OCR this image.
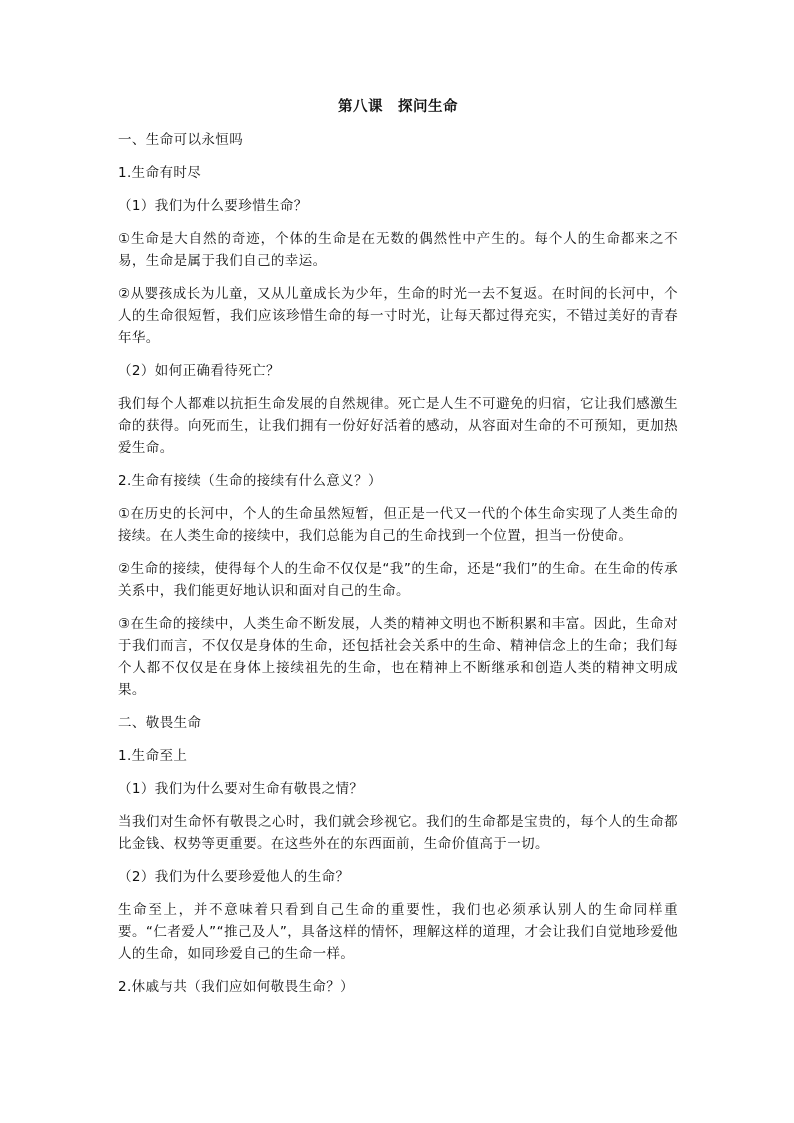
第八课　探问生命
一、生命可以永恒吗
1.生命有时尽
（1）我们为什么要珍惜生命？
①生命是大自然的奇迹，个体的生命是在无数的偶然性中产生的。每个人的生命都来之不易，生命是属于我们自己的幸运。
②从婴孩成长为儿童，又从儿童成长为少年，生命的时光一去不复返。在时间的长河中，个人的生命很短暂，我们应该珍惜生命的每一寸时光，让每天都过得充实，不错过美好的青春年华。
（2）如何正确看待死亡？
我们每个人都难以抗拒生命发展的自然规律。死亡是人生不可避免的归宿，它让我们感激生命的获得。向死而生，让我们拥有一份好好活着的感动，从容面对生命的不可预知，更加热爱生命。
2.生命有接续（生命的接续有什么意义？）
①在历史的长河中，个人的生命虽然短暂，但正是一代又一代的个体生命实现了人类生命的接续。在人类生命的接续中，我们总能为自己的生命找到一个位置，担当一份使命。
②生命的接续，使得每个人的生命不仅仅是“我”的生命，还是“我们”的生命。在生命的传承关系中，我们能更好地认识和面对自己的生命。
③在生命的接续中，人类生命不断发展，人类的精神文明也不断积累和丰富。因此，生命对于我们而言，不仅仅是身体的生命，还包括社会关系中的生命、精神信念上的生命；我们每个人都不仅仅是在身体上接续祖先的生命，也在精神上不断继承和创造人类的精神文明成果。
二、敬畏生命
1.生命至上
（1）我们为什么要对生命有敬畏之情？
当我们对生命怀有敬畏之心时，我们就会珍视它。我们的生命都是宝贵的，每个人的生命都比金钱、权势等更重要。在这些外在的东西面前，生命价值高于一切。
（2）我们为什么要珍爱他人的生命？
生命至上，并不意味着只看到自己生命的重要性，我们也必须承认别人的生命同样重要。“仁者爱人”“推己及人”，具备这样的情怀，理解这样的道理，才会让我们自觉地珍爱他人的生命，如同珍爱自己的生命一样。
2.休戚与共（我们应如何敬畏生命？）
